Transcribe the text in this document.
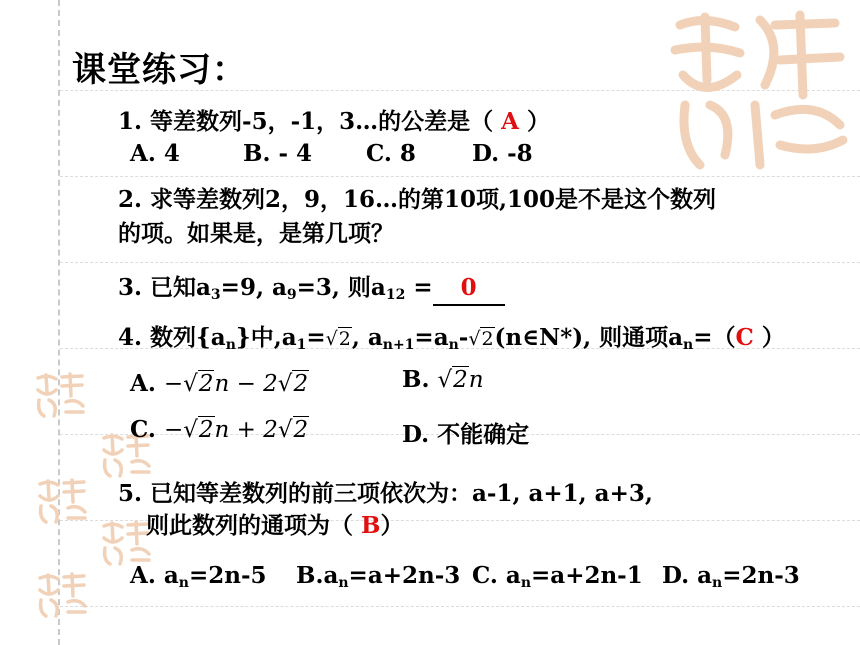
课堂练习：
1. 等差数列-5，-1，3…的公差是（ A ）
A. 4	B. - 4 C. 8 D. -8
2. 求等差数列2，9，16…的第10项,100是不是这个数列
的项。如果是，是第几项？
3. 已知$a_3=9$, $a_9=3$, 则$a_{12} = 0$
4. 数列$\{a_n\}$中$,a_1=√2$, $a_{n+1}=a_n-√2(n\in N*)$, 则通项$a_n=(C$ ）
A. −√2n − 2√2	B. √2n
C. −√2n + 2√2	D. 不能确定
5. 已知等差数列的前三项依次为：a-1, a+1, a+3,
则此数列的通项为（ B）
A. $a_n=2n-5$ $B.a_n=a+2n-3$ C. $a_n=a+2n-1$ D. $a_n=2n-3$
